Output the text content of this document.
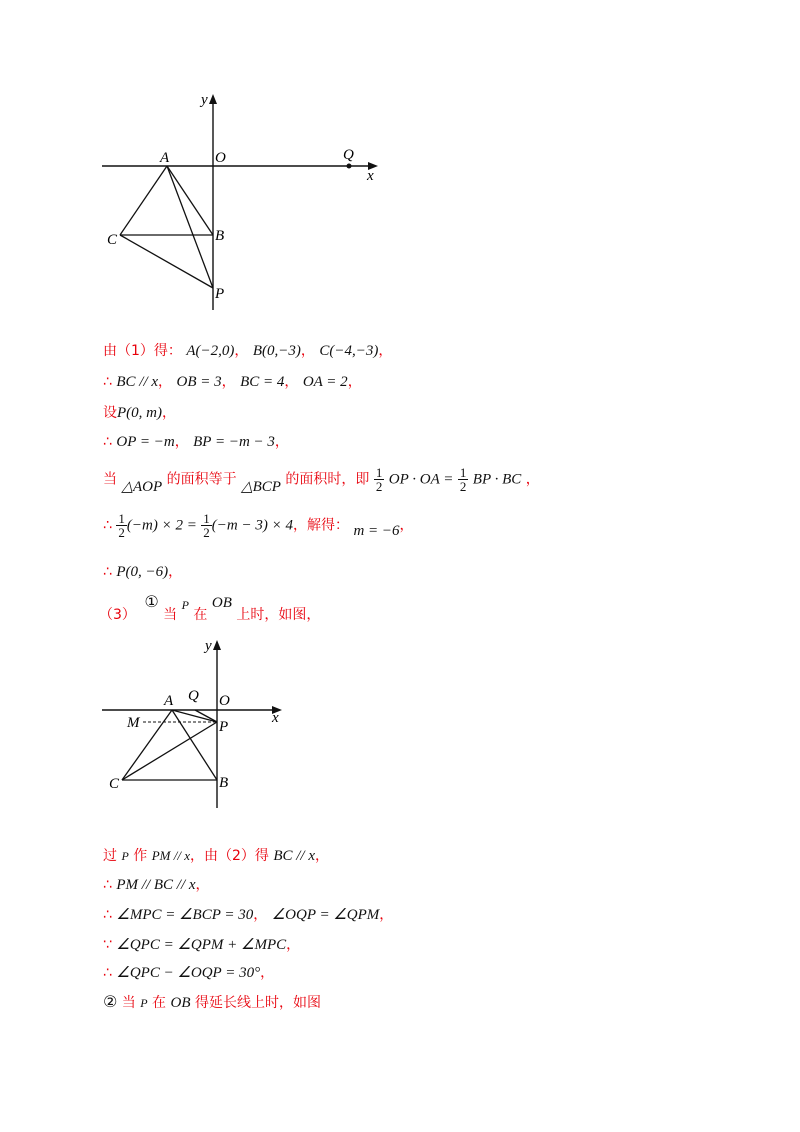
y
x
O
A	Q
C	B
P
由（1）得： A(−2,0)， B(0,−3)， C(−4,−3)，
∴ BC // x， OB = 3， BC = 4， OA = 2，
设P(0, m)，
∴ OP = −m， BP = −m − 3，
当 △AOP 的面积等于 △BCP 的面积时，即 $\frac{1}{2}$ OP · OA = $\frac{1}{2}$ BP · BC ，
∴ $\frac{1}{2} (-m) \times 2 = \frac{1}{2} (-m - 3) \times 4$，解得： m = −6，
∴ P(0, −6)，
（3） ① 当 P 在 OB 上时，如图，
y
x
O
A Q
M	P
C	B
过 P 作 PM // x，由（2）得 BC // x，
∴ PM // BC // x，
∴ ∠MPC = ∠BCP = 30， ∠OQP = ∠QPM，
∵ ∠QPC = ∠QPM + ∠MPC，
∴ ∠QPC − ∠OQP = 30°，
② 当 P 在 OB 得延长线上时，如图
